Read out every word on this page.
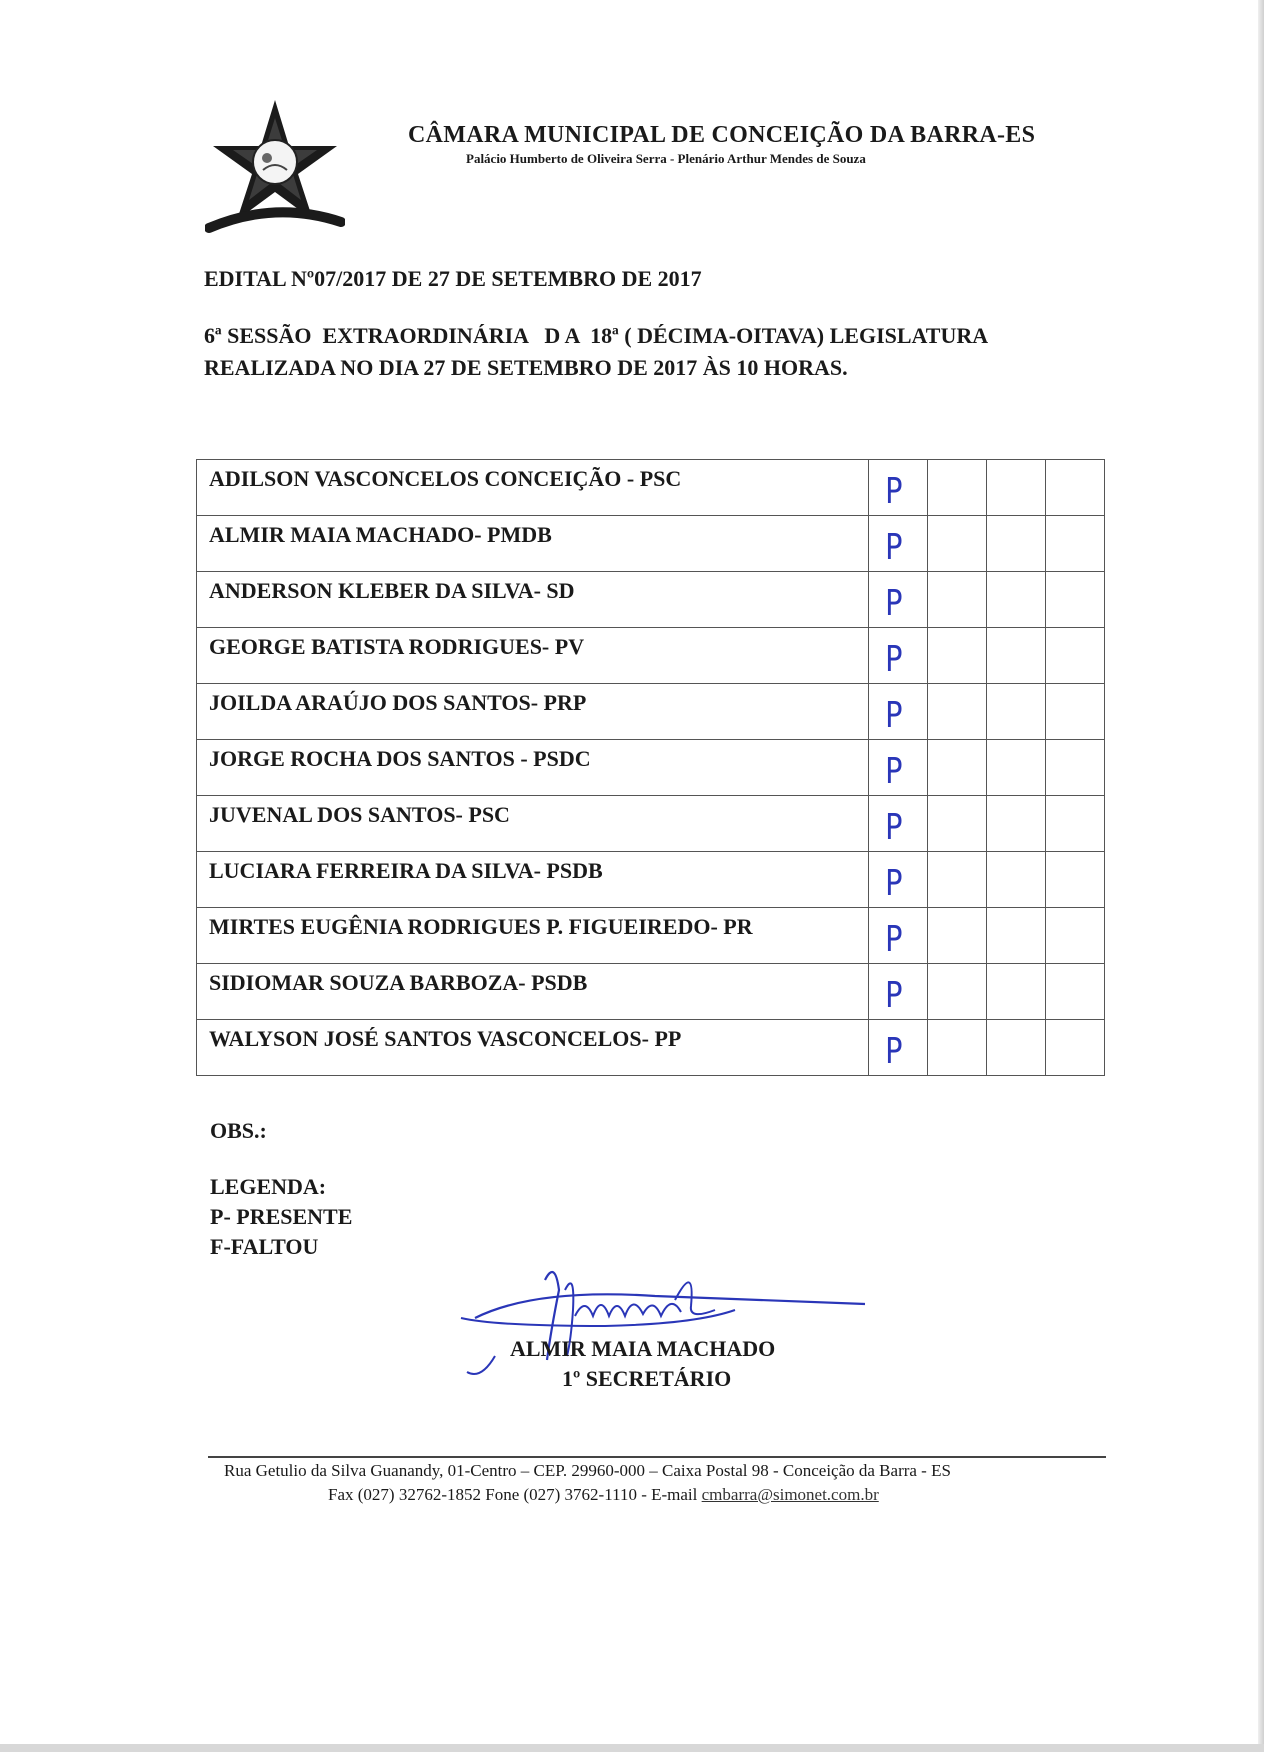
CÂMARA MUNICIPAL DE CONCEIÇÃO DA BARRA-ES
Palácio Humberto de Oliveira Serra - Plenário Arthur Mendes de Souza
EDITAL Nº07/2017 DE 27 DE SETEMBRO DE 2017
6ª SESSÃO  EXTRAORDINÁRIA   D A  18ª ( DÉCIMA-OITAVA) LEGISLATURA
REALIZADA NO DIA 27 DE SETEMBRO DE 2017 ÀS 10 HORAS.
ADILSON VASCONCELOS CONCEIÇÃO - PSC	P			

ALMIR MAIA MACHADO- PMDB	P			

ANDERSON KLEBER DA SILVA- SD	P			

GEORGE BATISTA RODRIGUES- PV	P			

JOILDA ARAÚJO DOS SANTOS- PRP	P			

JORGE ROCHA DOS SANTOS - PSDC	P			

JUVENAL DOS SANTOS- PSC	P			

LUCIARA FERREIRA DA SILVA- PSDB	P			

MIRTES EUGÊNIA RODRIGUES P. FIGUEIREDO- PR	P			

SIDIOMAR SOUZA BARBOZA- PSDB	P			

WALYSON JOSÉ SANTOS VASCONCELOS- PP	P			

OBS.:
LEGENDA:
P- PRESENTE
F-FALTOU
ALMIR MAIA MACHADO
1º SECRETÁRIO
Rua Getulio da Silva Guanandy, 01-Centro – CEP. 29960-000 – Caixa Postal 98 - Conceição da Barra - ES
Fax (027) 32762-1852 Fone (027) 3762-1110 - E-mail cmbarra@simonet.com.br
